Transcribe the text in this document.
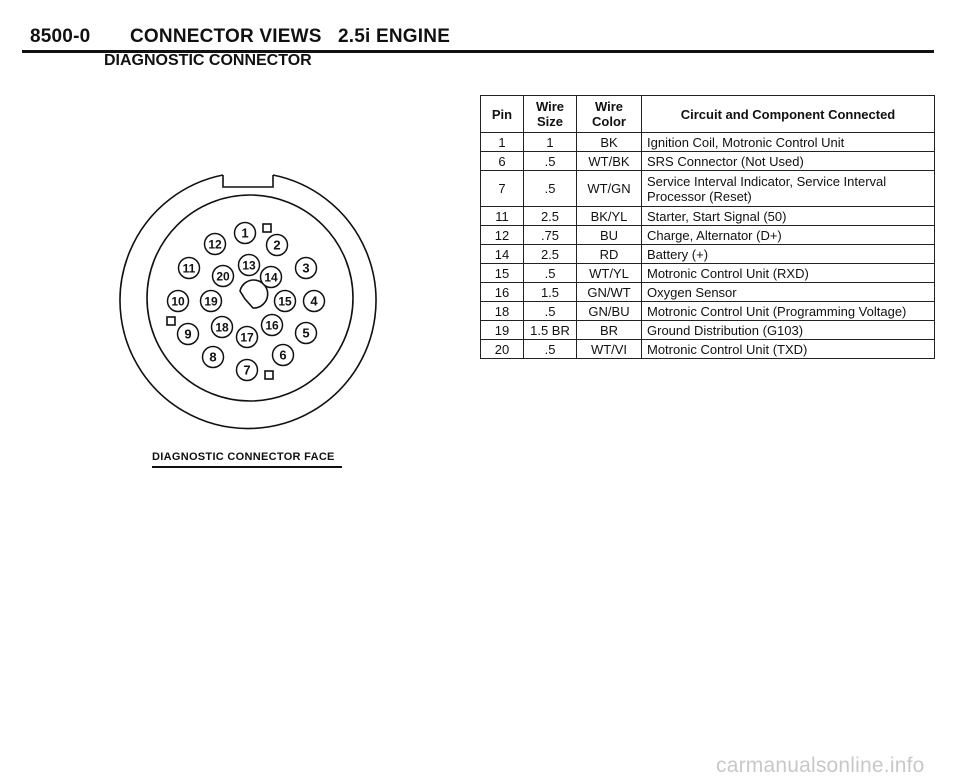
8500-0 CONNECTOR VIEWS   2.5i ENGINE
DIAGNOSTIC CONNECTOR
Pin	Wire Size	Wire Color	Circuit and Component Connected
1	1	BK	Ignition Coil, Motronic Control Unit
6	.5	WT/BK	SRS Connector (Not Used)
7	.5	WT/GN	Service Interval Indicator, Service Interval Processor (Reset)
11	2.5	BK/YL	Starter, Start Signal (50)
12	.75	BU	Charge, Alternator (D+)
14	2.5	RD	Battery (+)
15	.5	WT/YL	Motronic Control Unit (RXD)
16	1.5	GN/WT	Oxygen Sensor
18	.5	GN/BU	Motronic Control Unit (Programming Voltage)
19	1.5 BR	BR	Ground Distribution (G103)
20	.5	WT/VI	Motronic Control Unit (TXD)
1
2
3
4
5
6
7
8
9
10
11
12
13
14
15
16
17
18
19
20
DIAGNOSTIC CONNECTOR FACE
carmanualsonline.info
